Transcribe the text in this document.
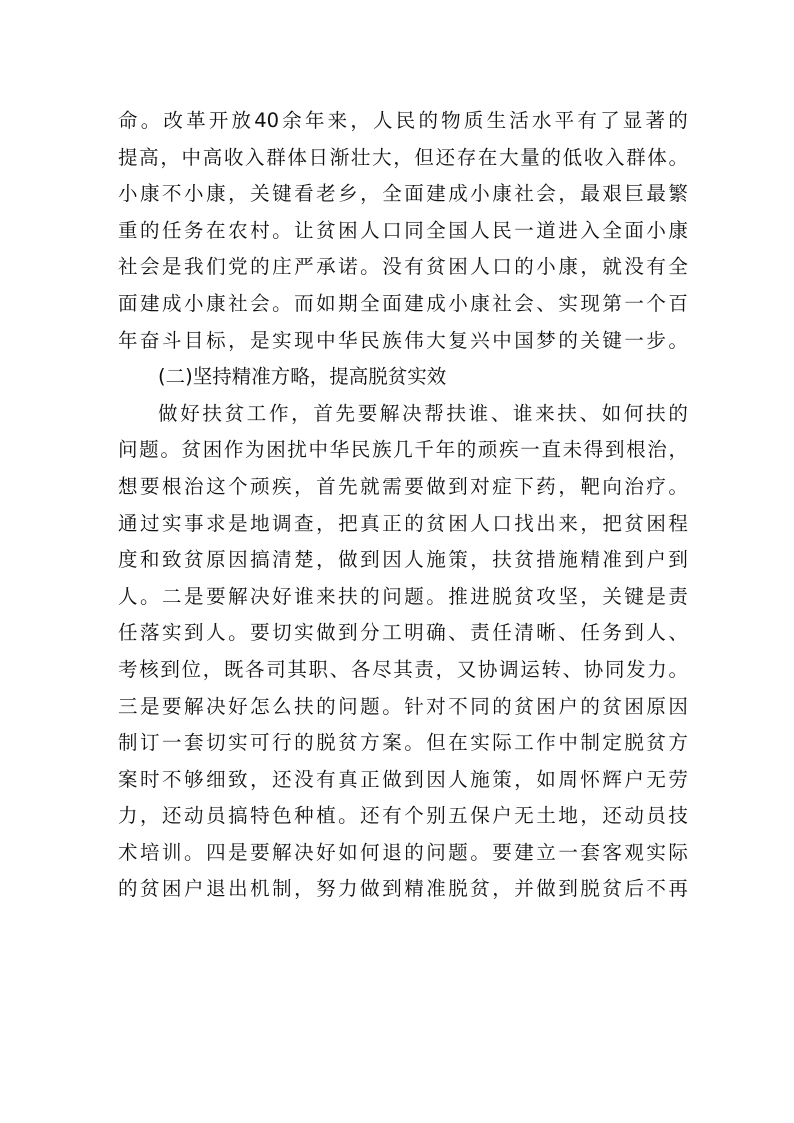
命 。 改 革 开 放 40 余 年 来 ， 人 民 的 物 质 生 活 水 平 有 了 显 著 的
提 高 ， 中 高 收 入 群 体 日 渐 壮 大 ， 但 还 存 在 大 量 的 低 收 入 群 体 。
小 康 不 小 康 ， 关 键 看 老 乡 ， 全 面 建 成 小 康 社 会 ， 最 艰 巨 最 繁
重 的 任 务 在 农 村 。 让 贫 困 人 口 同 全 国 人 民 一 道 进 入 全 面 小 康
社 会 是 我 们 党 的 庄 严 承 诺 。 没 有 贫 困 人 口 的 小 康 ， 就 没 有 全
面 建 成 小 康 社 会 。 而 如 期 全 面 建 成 小 康 社 会 、 实 现 第 一 个 百
年 奋 斗 目 标 ， 是 实 现 中 华 民 族 伟 大 复 兴 中 国 梦 的 关 键 一 步 。
(二)坚持精准方略，提高脱贫实效
做 好 扶 贫 工 作 ， 首 先 要 解 决 帮 扶 谁 、 谁 来 扶 、 如 何 扶 的
问 题 。 贫 困 作 为 困 扰 中 华 民 族 几 千 年 的 顽 疾 一 直 未 得 到 根 治 ，
想 要 根 治 这 个 顽 疾 ， 首 先 就 需 要 做 到 对 症 下 药 ， 靶 向 治 疗 。
通 过 实 事 求 是 地 调 查 ， 把 真 正 的 贫 困 人 口 找 出 来 ， 把 贫 困 程
度 和 致 贫 原 因 搞 清 楚 ， 做 到 因 人 施 策 ， 扶 贫 措 施 精 准 到 户 到
人 。 二 是 要 解 决 好 谁 来 扶 的 问 题 。 推 进 脱 贫 攻 坚 ， 关 键 是 责
任 落 实 到 人 。 要 切 实 做 到 分 工 明 确 、 责 任 清 晰 、 任 务 到 人 、
考 核 到 位 ， 既 各 司 其 职 、 各 尽 其 责 ， 又 协 调 运 转 、 协 同 发 力 。
三 是 要 解 决 好 怎 么 扶 的 问 题 。 针 对 不 同 的 贫 困 户 的 贫 困 原 因
制 订 一 套 切 实 可 行 的 脱 贫 方 案 。 但 在 实 际 工 作 中 制 定 脱 贫 方
案 时 不 够 细 致 ， 还 没 有 真 正 做 到 因 人 施 策 ， 如 周 怀 辉 户 无 劳
力 ， 还 动 员 搞 特 色 种 植 。 还 有 个 别 五 保 户 无 土 地 ， 还 动 员 技
术 培 训 。 四 是 要 解 决 好 如 何 退 的 问 题 。 要 建 立 一 套 客 观 实 际
的 贫 困 户 退 出 机 制 ， 努 力 做 到 精 准 脱 贫 ， 并 做 到 脱 贫 后 不 再
